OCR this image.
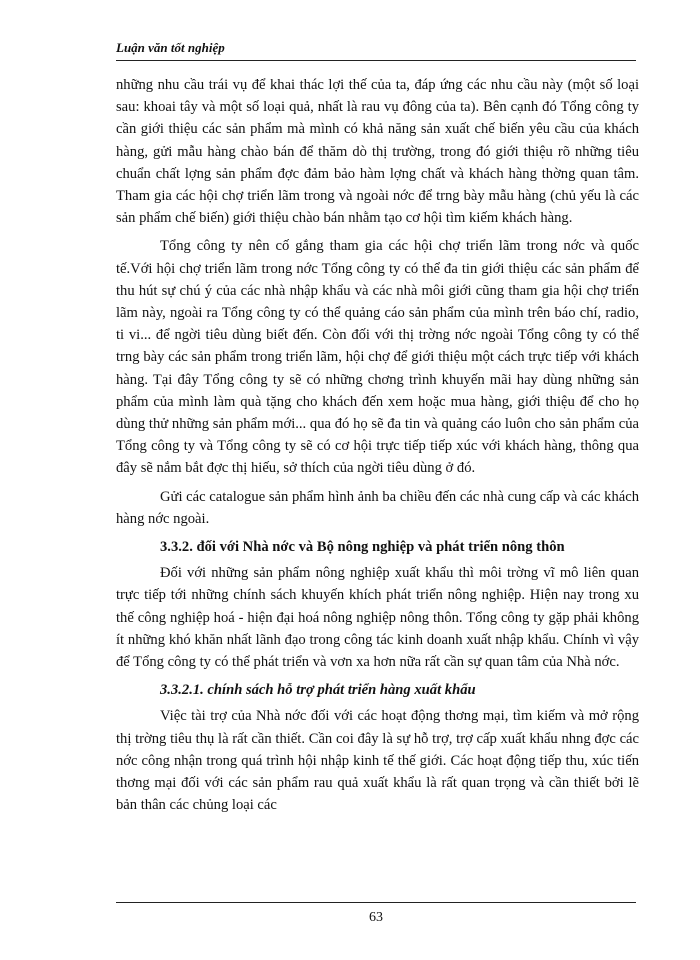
Luận văn tốt nghiệp

những nhu cầu trái vụ để khai thác lợi thế của ta, đáp ứng các nhu cầu này (một số loại sau: khoai tây và một số loại quả, nhất là rau vụ đông của ta). Bên cạnh đó Tổng công ty cần giới thiệu các sản phẩm mà mình có khả năng sản xuất chế biến yêu cầu của khách hàng, gửi mẫu hàng chào bán để thăm dò thị trường, trong đó giới thiệu rõ những tiêu chuẩn chất lợng sản phẩm đợc đảm bảo hàm lợng chất và khách hàng thờng quan tâm. Tham gia các hội chợ triển lãm trong và ngoài nớc để trng bày mẫu hàng (chủ yếu là các sản phẩm chế biến) giới thiệu chào bán nhằm tạo cơ hội tìm kiếm khách hàng.

Tổng công ty nên cố gắng tham gia các hội chợ triển lãm trong nớc và quốc tế.Với hội chợ triển lãm trong nớc Tổng công ty có thể đa tin giới thiệu các sản phẩm để thu hút sự chú ý của các nhà nhập khẩu và các nhà môi giới cũng tham gia hội chợ triển lãm này, ngoài ra Tổng công ty có thể quảng cáo sản phẩm của mình trên báo chí, radio, ti vi... để ngời tiêu dùng biết đến. Còn đối với thị trờng nớc ngoài Tổng công ty có thể trng bày các sản phẩm trong triển lãm, hội chợ để giới thiệu một cách trực tiếp với khách hàng. Tại đây Tổng công ty sẽ có những chơng trình khuyến mãi hay dùng những sản phẩm của mình làm quà tặng cho khách đến xem hoặc mua hàng, giới thiệu để cho họ dùng thử những sản phẩm mới... qua đó họ sẽ đa tin và quảng cáo luôn cho sản phẩm của Tổng công ty và Tổng công ty sẽ có cơ hội trực tiếp tiếp xúc với khách hàng, thông qua đây sẽ nắm bắt đợc thị hiếu, sở thích của ngời tiêu dùng ở đó.

Gửi các catalogue sản phẩm hình ảnh ba chiều đến các nhà cung cấp và các khách hàng nớc ngoài.

3.3.2. đối với Nhà nớc và Bộ nông nghiệp và phát triển nông thôn

Đối với những sản phẩm nông nghiệp xuất khẩu thì môi trờng vĩ mô liên quan trực tiếp tới những chính sách khuyến khích phát triển nông nghiệp. Hiện nay trong xu thế công nghiệp hoá - hiện đại hoá nông nghiệp nông thôn. Tổng công ty gặp phải không ít những khó khăn nhất lãnh đạo trong công tác kinh doanh xuất nhập khẩu. Chính vì vậy để Tổng công ty có thể phát triển và vơn xa hơn nữa rất cần sự quan tâm của Nhà nớc.

3.3.2.1. chính sách hỗ trợ phát triển hàng xuất khẩu

Việc tài trợ của Nhà nớc đối với các hoạt động thơng mại, tìm kiếm và mở rộng thị trờng tiêu thụ là rất cần thiết. Cần coi đây là sự hỗ trợ, trợ cấp xuất khẩu nhng đợc các nớc công nhận trong quá trình hội nhập kinh tế thế giới. Các hoạt động tiếp thu, xúc tiến thơng mại đối với các sản phẩm rau quả xuất khẩu là rất quan trọng và cần thiết bởi lẽ bản thân các chủng loại các

63
